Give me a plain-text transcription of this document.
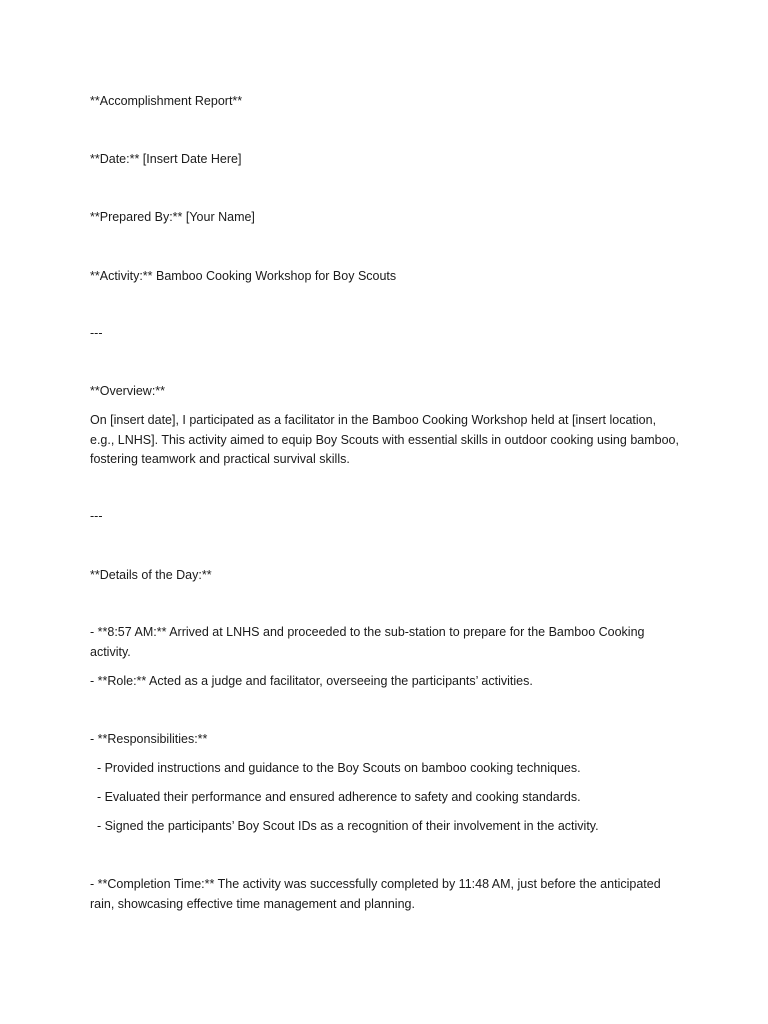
**Accomplishment Report**

**Date:** [Insert Date Here]

**Prepared By:** [Your Name]

**Activity:** Bamboo Cooking Workshop for Boy Scouts

---

**Overview:**

On [insert date], I participated as a facilitator in the Bamboo Cooking Workshop held at [insert location, e.g., LNHS]. This activity aimed to equip Boy Scouts with essential skills in outdoor cooking using bamboo, fostering teamwork and practical survival skills.

---

**Details of the Day:**

- **8:57 AM:** Arrived at LNHS and proceeded to the sub-station to prepare for the Bamboo Cooking activity.

- **Role:** Acted as a judge and facilitator, overseeing the participants’ activities.

- **Responsibilities:**

- Provided instructions and guidance to the Boy Scouts on bamboo cooking techniques.

- Evaluated their performance and ensured adherence to safety and cooking standards.

- Signed the participants’ Boy Scout IDs as a recognition of their involvement in the activity.

- **Completion Time:** The activity was successfully completed by 11:48 AM, just before the anticipated rain, showcasing effective time management and planning.
